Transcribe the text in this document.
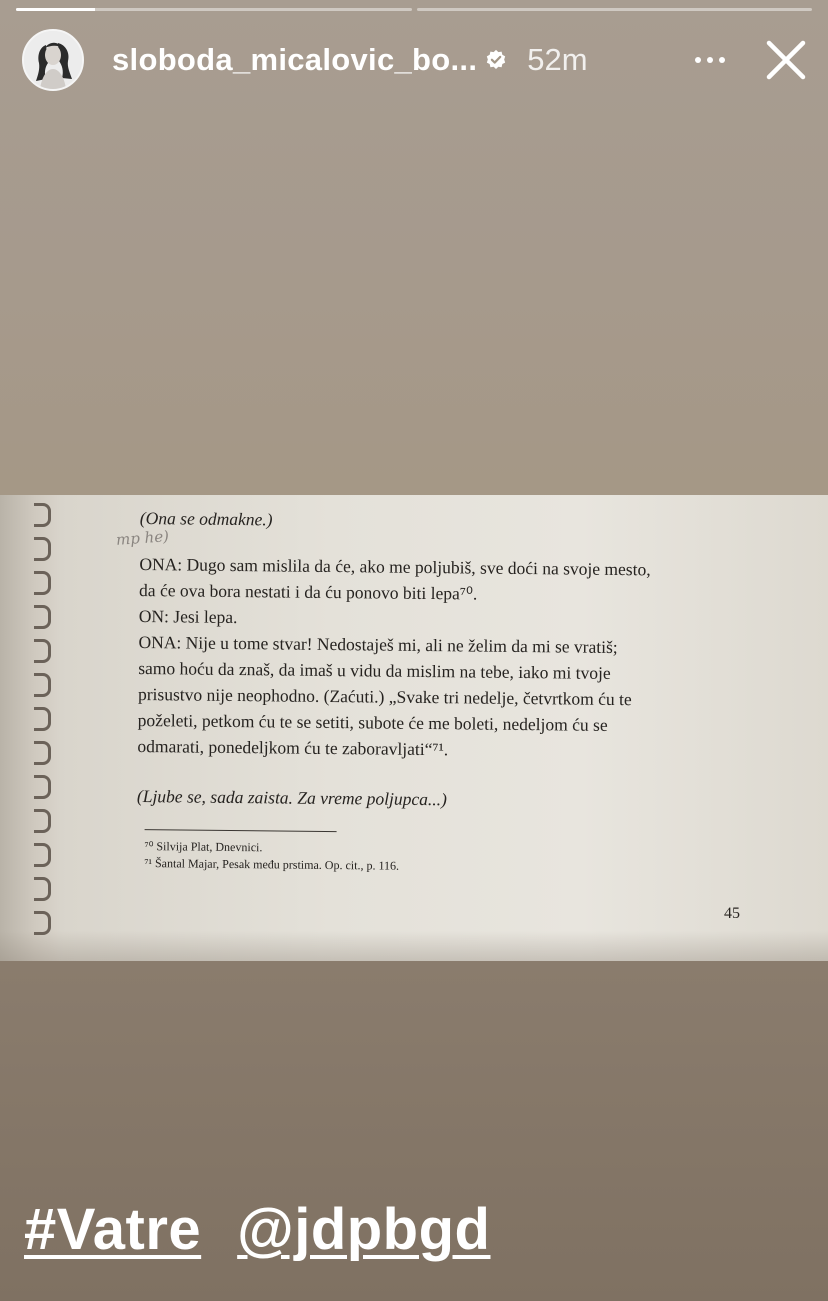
sloboda_micalovic_bo... 52m
mp he)
(Ona se odmakne.)
ONA: Dugo sam mislila da će, ako me poljubiš, sve doći na svoje mesto,
da će ova bora nestati i da ću ponovo biti lepa⁷⁰.
ON: Jesi lepa.
ONA: Nije u tome stvar! Nedostaješ mi, ali ne želim da mi se vratiš;
samo hoću da znaš, da imaš u vidu da mislim na tebe, iako mi tvoje
prisustvo nije neophodno. (Zaćuti.) „Svake tri nedelje, četvrtkom ću te
poželeti, petkom ću te se setiti, subote će me boleti, nedeljom ću se
odmarati, ponedeljkom ću te zaboravljati“⁷¹.
(Ljube se, sada zaista. Za vreme poljupca...)
⁷⁰ Silvija Plat, Dnevnici.
⁷¹ Šantal Majar, Pesak među prstima. Op. cit., p. 116.
45
#Vatre @jdpbgd
